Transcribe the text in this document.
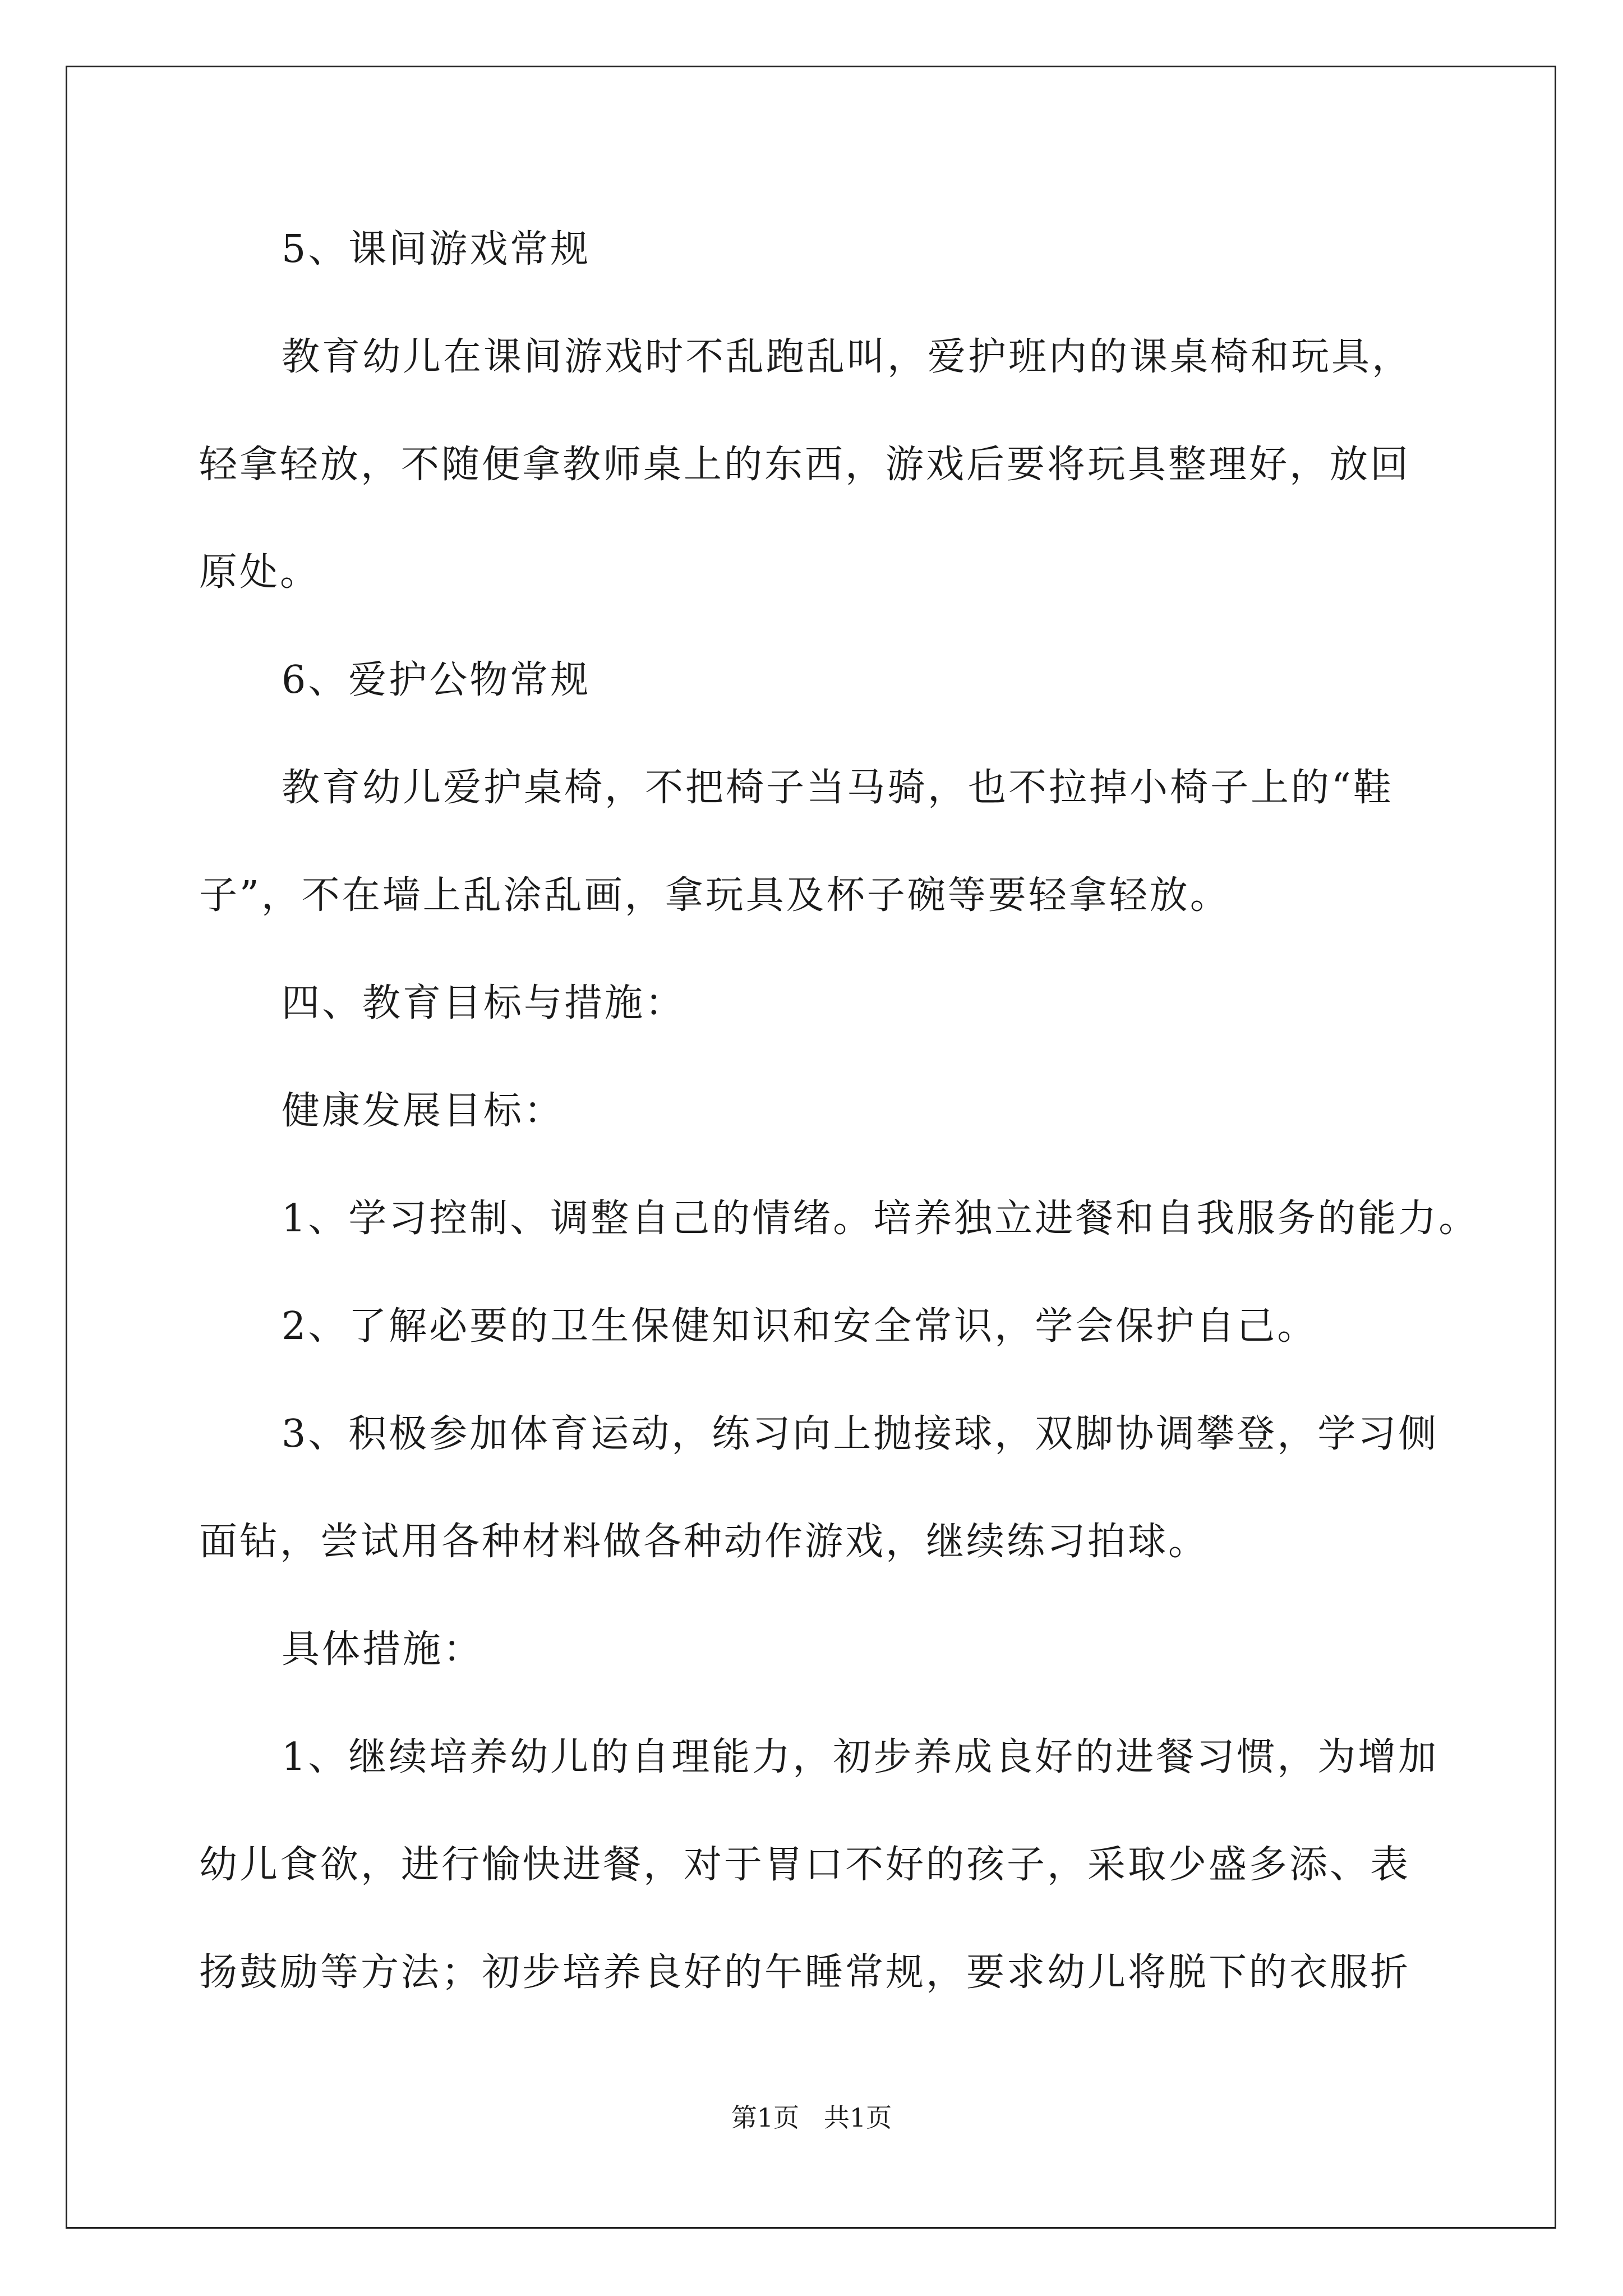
5、课间游戏常规
教育幼儿在课间游戏时不乱跑乱叫，爱护班内的课桌椅和玩具，
轻拿轻放，不随便拿教师桌上的东西，游戏后要将玩具整理好，放回
原处。
6、爱护公物常规
教育幼儿爱护桌椅，不把椅子当马骑，也不拉掉小椅子上的“鞋
子”，不在墙上乱涂乱画，拿玩具及杯子碗等要轻拿轻放。
四、教育目标与措施：
健康发展目标：
1、学习控制、调整自己的情绪。培养独立进餐和自我服务的能力。
2、了解必要的卫生保健知识和安全常识，学会保护自己。
3、积极参加体育运动，练习向上抛接球，双脚协调攀登，学习侧
面钻，尝试用各种材料做各种动作游戏，继续练习拍球。
具体措施：
1、继续培养幼儿的自理能力，初步养成良好的进餐习惯，为增加
幼儿食欲，进行愉快进餐，对于胃口不好的孩子，采取少盛多添、表
扬鼓励等方法；初步培养良好的午睡常规，要求幼儿将脱下的衣服折
第1页   共1页
